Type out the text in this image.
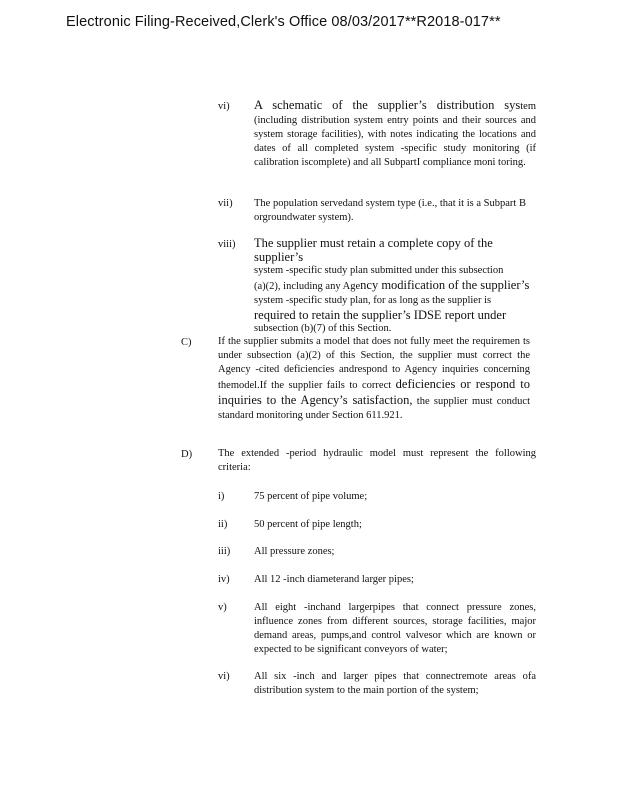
Electronic Filing-Received,Clerk's Office 08/03/2017**R2018-017**
vi) A schematic of the supplier’s distribution system (including distribution system entry points and their sources and system storage facilities), with notes indicating the locations and dates of all completed system -specific study monitoring (if calibration iscomplete) and all SubpartI compliance moni toring.
vii) The population servedand system type (i.e., that it is a Subpart B orgroundwater system).
viii) The supplier must retain a complete copy of the supplier’s
system -specific study plan submitted under this subsection
(a)(2), including any Agency modification of the supplier’s
system -specific study plan, for as long as the supplier is
required to retain the supplier’s IDSE report under
subsection (b)(7) of this Section.
C)	If the supplier submits a model that does not fully meet the requiremen ts under subsection (a)(2) of this Section, the supplier must correct the Agency -cited deficiencies andrespond to Agency inquiries concerning themodel.If the supplier fails to correct deficiencies or respond to inquiries to the Agency’s satisfaction, the supplier must conduct standard monitoring under Section 611.921.
D) The extended -period hydraulic model must represent the following criteria:
i)	75 percent of pipe volume;
ii)	50 percent of pipe length;
iii) All pressure zones;
iv) All 12 -inch diameterand larger pipes;
v)	All eight -inchand largerpipes that connect pressure zones, influence zones from different sources, storage facilities, major demand areas, pumps,and control valvesor which are known or expected to be significant conveyors of water;
vi) All six -inch and larger pipes that connectremote areas ofa distribution system to the main portion of the system;
